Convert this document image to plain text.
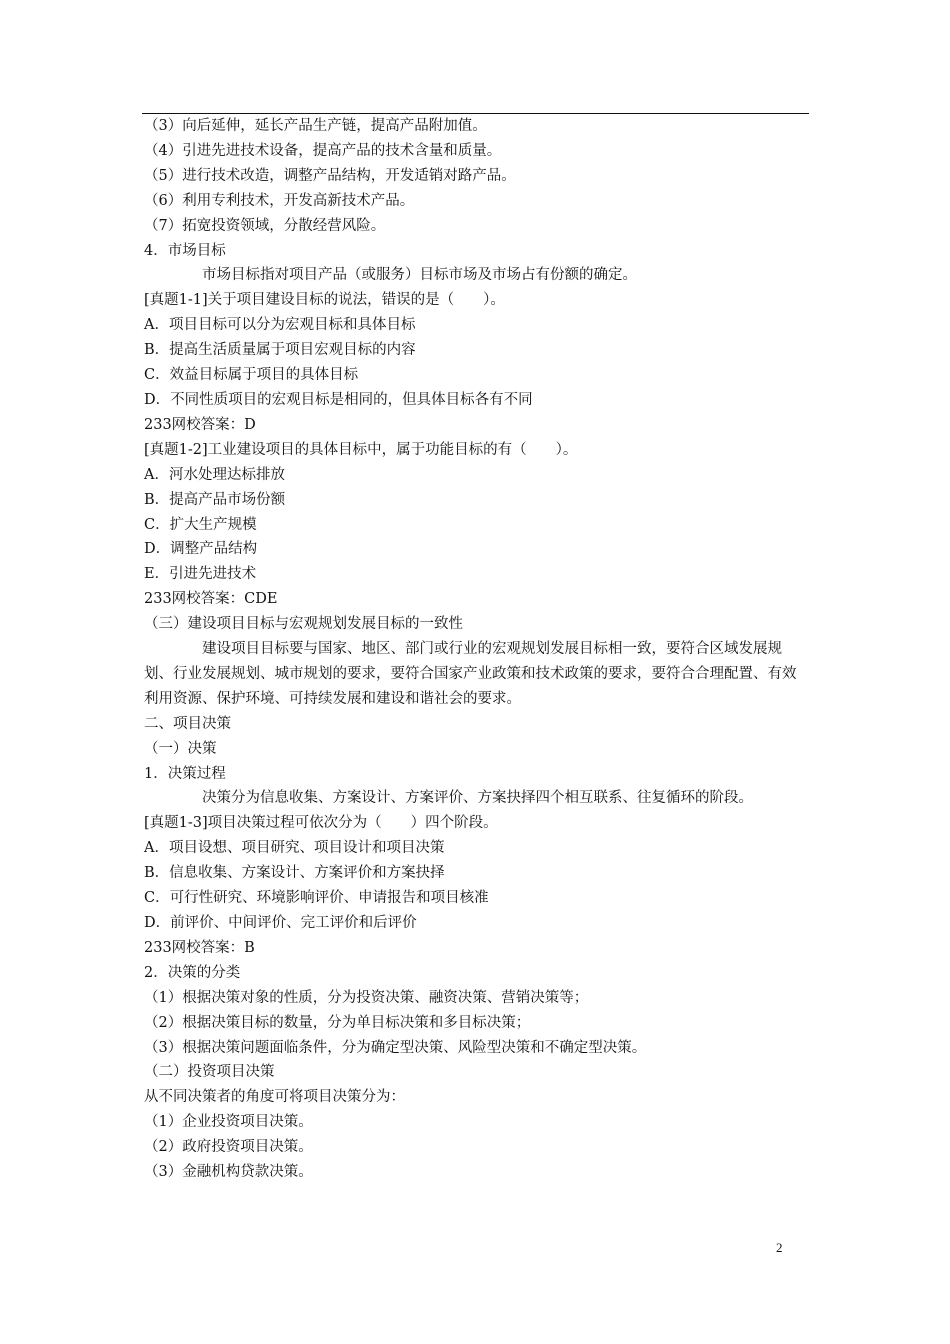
（3）向后延伸，延长产品生产链，提高产品附加值。

（4）引进先进技术设备，提高产品的技术含量和质量。

（5）进行技术改造，调整产品结构，开发适销对路产品。

（6）利用专利技术，开发高新技术产品。

（7）拓宽投资领域，分散经营风险。

4．市场目标

市场目标指对项目产品（或服务）目标市场及市场占有份额的确定。

[真题1-1]关于项目建设目标的说法，错误的是（　　）。

A．项目目标可以分为宏观目标和具体目标

B．提高生活质量属于项目宏观目标的内容

C．效益目标属于项目的具体目标

D．不同性质项目的宏观目标是相同的，但具体目标各有不同

233网校答案：D

[真题1-2]工业建设项目的具体目标中，属于功能目标的有（　　）。

A．河水处理达标排放

B．提高产品市场份额

C．扩大生产规模

D．调整产品结构

E．引进先进技术

233网校答案：CDE

（三）建设项目目标与宏观规划发展目标的一致性

建设项目目标要与国家、地区、部门或行业的宏观规划发展目标相一致，要符合区域发展规划、行业发展规划、城市规划的要求，要符合国家产业政策和技术政策的要求，要符合合理配置、有效利用资源、保护环境、可持续发展和建设和谐社会的要求。

二、项目决策

（一）决策

1．决策过程

决策分为信息收集、方案设计、方案评价、方案抉择四个相互联系、往复循环的阶段。

[真题1-3]项目决策过程可依次分为（　　）四个阶段。

A．项目设想、项目研究、项目设计和项目决策

B．信息收集、方案设计、方案评价和方案抉择

C．可行性研究、环境影响评价、申请报告和项目核准

D．前评价、中间评价、完工评价和后评价

233网校答案：B

2．决策的分类

（1）根据决策对象的性质，分为投资决策、融资决策、营销决策等；

（2）根据决策目标的数量，分为单目标决策和多目标决策；

（3）根据决策问题面临条件，分为确定型决策、风险型决策和不确定型决策。

（二）投资项目决策

从不同决策者的角度可将项目决策分为：

（1）企业投资项目决策。

（2）政府投资项目决策。

（3）金融机构贷款决策。

2
